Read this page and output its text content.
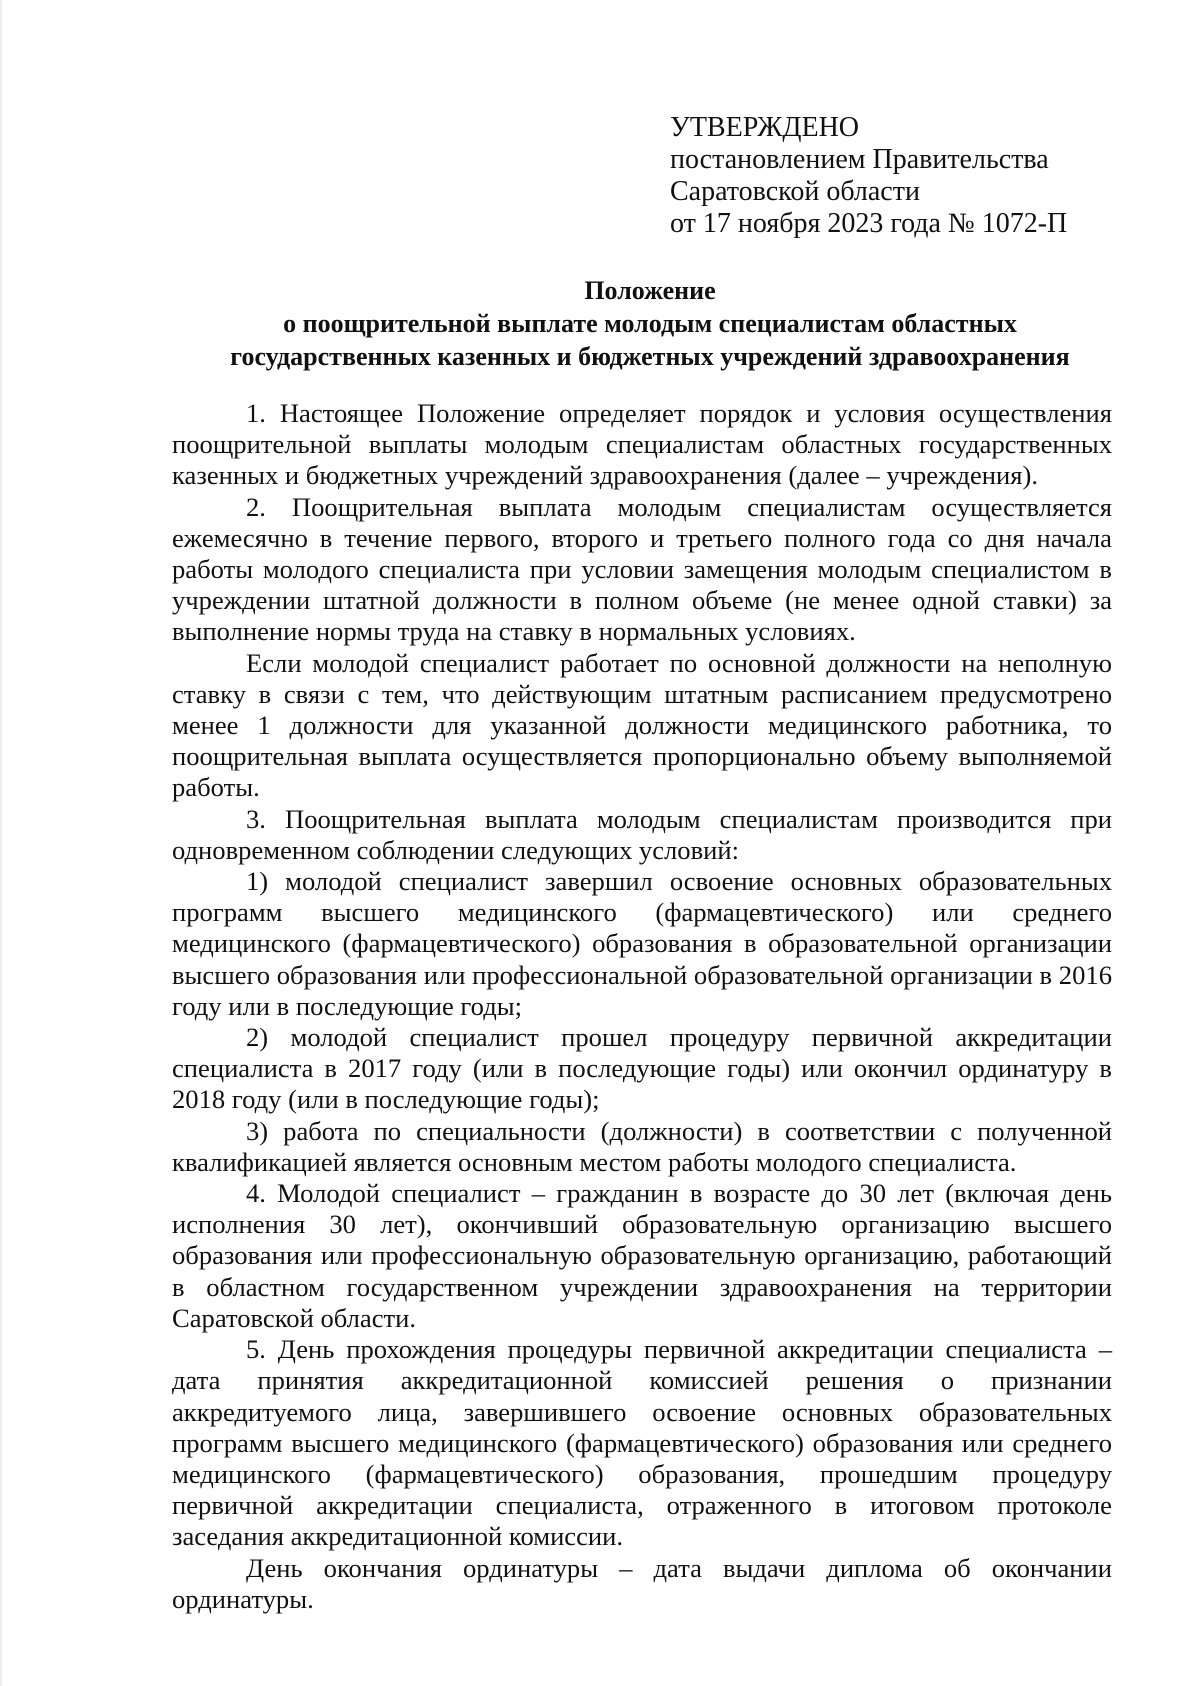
УТВЕРЖДЕНО
постановлением Правительства
Саратовской области
от 17 ноября 2023 года № 1072-П
Положение
о поощрительной выплате молодым специалистам областных
государственных казенных и бюджетных учреждений здравоохранения

1. Настоящее Положение определяет порядок и условия осуществления поощрительной выплаты молодым специалистам областных государственных казенных и бюджетных учреждений здравоохранения (далее – учреждения).

2. Поощрительная выплата молодым специалистам осуществляется ежемесячно в течение первого, второго и третьего полного года со дня начала работы молодого специалиста при условии замещения молодым специалистом в учреждении штатной должности в полном объеме (не менее одной ставки) за выполнение нормы труда на ставку в нормальных условиях.

Если молодой специалист работает по основной должности на неполную ставку в связи с тем, что действующим штатным расписанием предусмотрено менее 1 должности для указанной должности медицинского работника, то поощрительная выплата осуществляется пропорционально объему выполняемой работы.

3. Поощрительная выплата молодым специалистам производится при одновременном соблюдении следующих условий:

1) молодой специалист завершил освоение основных образовательных программ высшего медицинского (фармацевтического) или среднего медицинского (фармацевтического) образования в образовательной организации высшего образования или профессиональной образовательной организации в 2016 году или в последующие годы;

2) молодой специалист прошел процедуру первичной аккредитации специалиста в 2017 году (или в последующие годы) или окончил ординатуру в 2018 году (или в последующие годы);

3) работа по специальности (должности) в соответствии с полученной квалификацией является основным местом работы молодого специалиста.

4. Молодой специалист – гражданин в возрасте до 30 лет (включая день исполнения 30 лет), окончивший образовательную организацию высшего образования или профессиональную образовательную организацию, работающий в областном государственном учреждении здравоохранения на территории Саратовской области.

5. День прохождения процедуры первичной аккредитации специалиста – дата принятия аккредитационной комиссией решения о признании аккредитуемого лица, завершившего освоение основных образовательных программ высшего медицинского (фармацевтического) образования или среднего медицинского (фармацевтического) образования, прошедшим процедуру первичной аккредитации специалиста, отраженного в итоговом протоколе заседания аккредитационной комиссии.

День окончания ординатуры – дата выдачи диплома об окончании ординатуры.
